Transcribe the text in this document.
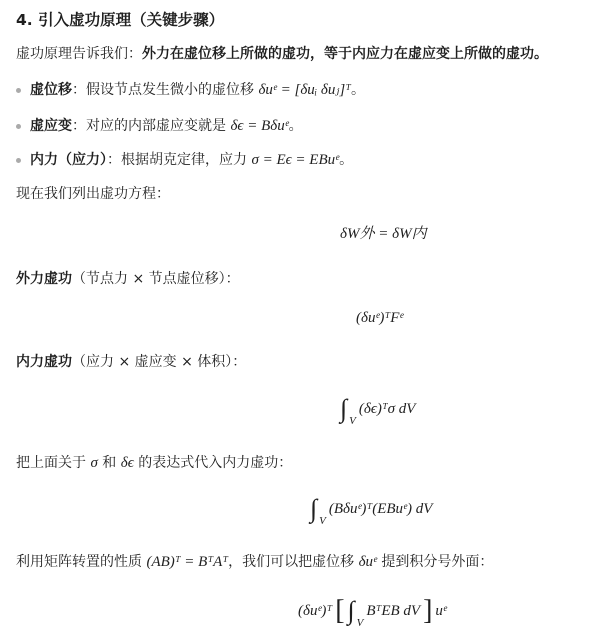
4. 引入虚功原理（关键步骤）
虚功原理告诉我们：外力在虚位移上所做的虚功，等于内应力在虚应变上所做的虚功。
虚位移：假设节点发生微小的虚位移 δuᵉ = [δuᵢ δuⱼ]ᵀ。
虚应变：对应的内部虚应变就是 δϵ = Bδuᵉ。
内力（应力）：根据胡克定律，应力 σ = Eϵ = EBuᵉ。
现在我们列出虚功方程：
δW外 = δW内
外力虚功（节点力 × 节点虚位移）：
(δuᵉ)ᵀFᵉ
内力虚功（应力 × 虚应变 × 体积）：
∫ V(δϵ)ᵀσ dV
把上面关于 σ 和 δϵ 的表达式代入内力虚功：
∫ V(Bδuᵉ)ᵀ(EBuᵉ) dV
利用矩阵转置的性质 (AB)ᵀ = BᵀAᵀ，我们可以把虚位移 δuᵉ 提到积分号外面：
(δuᵉ)ᵀ [ ∫ VBᵀEB dV ]uᵉ
